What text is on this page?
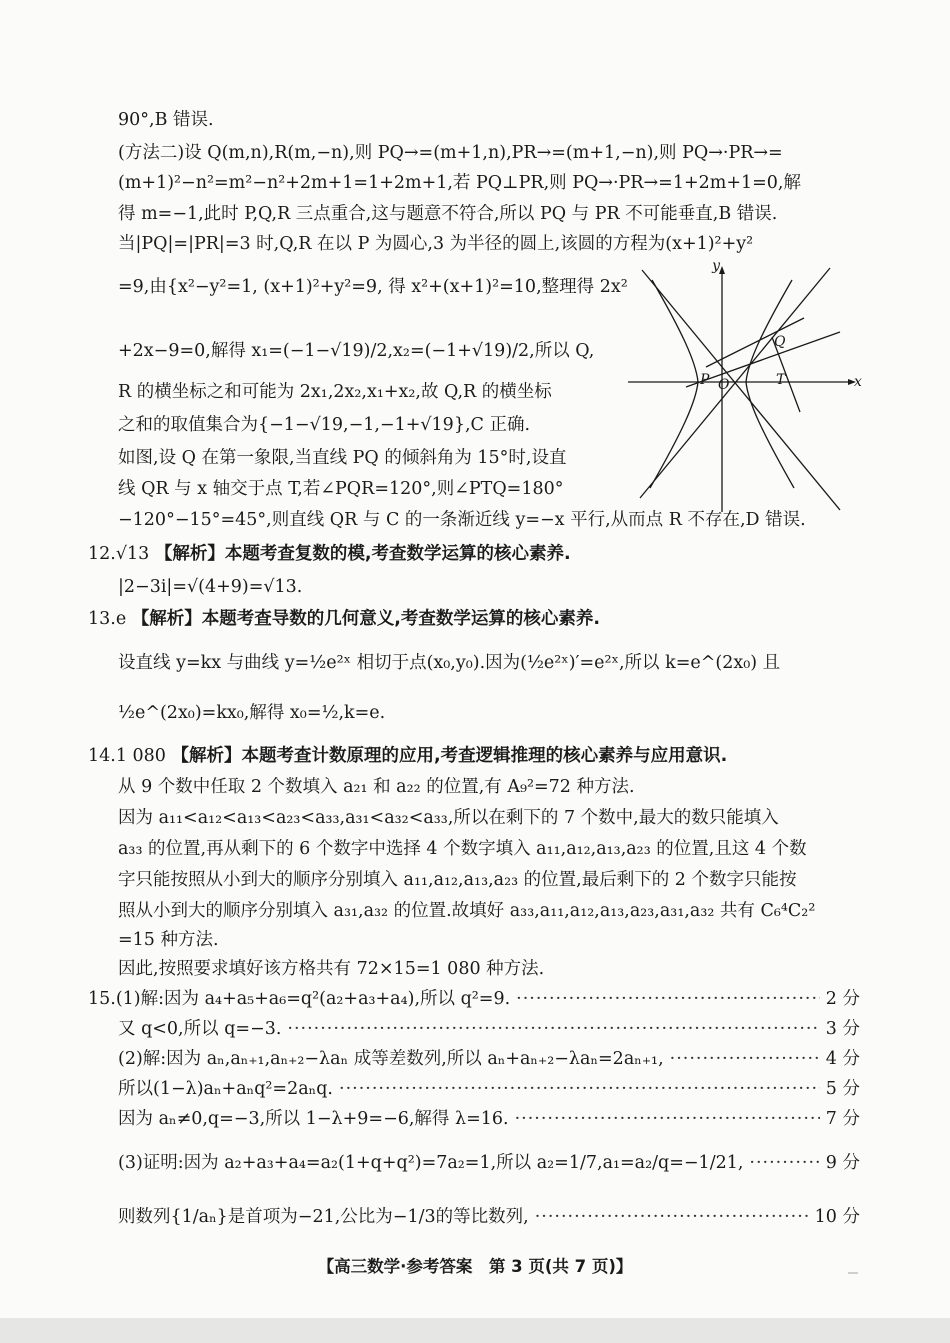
90°,B 错误.
(方法二)设 Q(m,n),R(m,−n),则 PQ→=(m+1,n),PR→=(m+1,−n),则 PQ→·PR→=
(m+1)²−n²=m²−n²+2m+1=1+2m+1,若 PQ⊥PR,则 PQ→·PR→=1+2m+1=0,解
得 m=−1,此时 P,Q,R 三点重合,这与题意不符合,所以 PQ 与 PR 不可能垂直,B 错误.
当|PQ|=|PR|=3 时,Q,R 在以 P 为圆心,3 为半径的圆上,该圆的方程为(x+1)²+y²
=9,由{x²−y²=1, (x+1)²+y²=9, 得 x²+(x+1)²=10,整理得 2x²
+2x−9=0,解得 x₁=(−1−√19)/2,x₂=(−1+√19)/2,所以 Q,
R 的横坐标之和可能为 2x₁,2x₂,x₁+x₂,故 Q,R 的横坐标
之和的取值集合为{−1−√19,−1,−1+√19},C 正确.
如图,设 Q 在第一象限,当直线 PQ 的倾斜角为 15°时,设直
线 QR 与 x 轴交于点 T,若∠PQR=120°,则∠PTQ=180°
−120°−15°=45°,则直线 QR 与 C 的一条渐近线 y=−x 平行,从而点 R 不存在,D 错误.
y
x
P O	T
Q
12.√13 【解析】本题考查复数的模,考查数学运算的核心素养.
|2−3i|=√(4+9)=√13.
13.e 【解析】本题考查导数的几何意义,考查数学运算的核心素养.
设直线 y=kx 与曲线 y=½e²ˣ 相切于点(x₀,y₀).因为(½e²ˣ)′=e²ˣ,所以 k=e^(2x₀) 且
½e^(2x₀)=kx₀,解得 x₀=½,k=e.
14.1 080 【解析】本题考查计数原理的应用,考查逻辑推理的核心素养与应用意识.
从 9 个数中任取 2 个数填入 a₂₁ 和 a₂₂ 的位置,有 A₉²=72 种方法.
因为 a₁₁<a₁₂<a₁₃<a₂₃<a₃₃,a₃₁<a₃₂<a₃₃,所以在剩下的 7 个数中,最大的数只能填入
a₃₃ 的位置,再从剩下的 6 个数字中选择 4 个数字填入 a₁₁,a₁₂,a₁₃,a₂₃ 的位置,且这 4 个数
字只能按照从小到大的顺序分别填入 a₁₁,a₁₂,a₁₃,a₂₃ 的位置,最后剩下的 2 个数字只能按
照从小到大的顺序分别填入 a₃₁,a₃₂ 的位置.故填好 a₃₃,a₁₁,a₁₂,a₁₃,a₂₃,a₃₁,a₃₂ 共有 C₆⁴C₂²
=15 种方法.
因此,按照要求填好该方格共有 72×15=1 080 种方法.
15.(1)解:因为 a₄+a₅+a₆=q²(a₂+a₃+a₄),所以 q²=9. ·····	2 分
又 q<0,所以 q=−3. ·····	3 分
(2)解:因为 aₙ,aₙ₊₁,aₙ₊₂−λaₙ 成等差数列,所以 aₙ+aₙ₊₂−λaₙ=2aₙ₊₁, ·····	4 分
所以(1−λ)aₙ+aₙq²=2aₙq. ·····	5 分
因为 aₙ≠0,q=−3,所以 1−λ+9=−6,解得 λ=16. ·····	7 分
(3)证明:因为 a₂+a₃+a₄=a₂(1+q+q²)=7a₂=1,所以 a₂=1/7,a₁=a₂/q=−1/21, ·····	9 分
则数列{1/aₙ}是首项为−21,公比为−1/3的等比数列, ·····	10 分
【高三数学·参考答案　第 3 页(共 7 页)】
